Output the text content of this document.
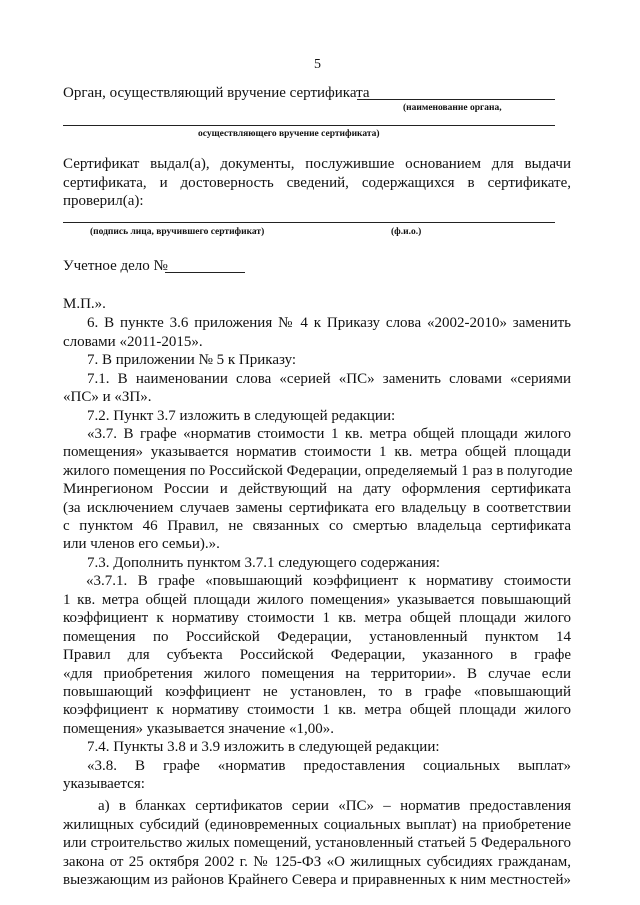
5
Орган, осуществляющий вручение сертификата
(наименование органа,
осуществляющего вручение сертификата)
Сертификат выдал(а), документы, послужившие основанием для выдачи
сертификата, и достоверность сведений, содержащихся в сертификате,
проверил(а):
(подпись лица, вручившего сертификат)	(ф.и.о.)
Учетное дело №
М.П.».
6. В пункте 3.6 приложения № 4 к Приказу слова «2002-2010» заменить
словами «2011-2015».
7. В приложении № 5 к Приказу:
7.1. В наименовании слова «серией «ПС» заменить словами «сериями
«ПС» и «ЗП».
7.2. Пункт 3.7 изложить в следующей редакции:
«3.7. В графе «норматив стоимости 1 кв. метра общей площади жилого
помещения» указывается норматив стоимости 1 кв. метра общей площади
жилого помещения по Российской Федерации, определяемый 1 раз в полугодие
Минрегионом России и действующий на дату оформления сертификата
(за исключением случаев замены сертификата его владельцу в соответствии
с пунктом 46 Правил, не связанных со смертью владельца сертификата
или членов его семьи).».
7.3. Дополнить пунктом 3.7.1 следующего содержания:
«3.7.1. В графе «повышающий коэффициент к нормативу стоимости
1 кв. метра общей площади жилого помещения» указывается повышающий
коэффициент к нормативу стоимости 1 кв. метра общей площади жилого
помещения по Российской Федерации, установленный пунктом 14
Правил для субъекта Российской Федерации, указанного в графе
«для приобретения жилого помещения на территории». В случае если
повышающий коэффициент не установлен, то в графе «повышающий
коэффициент к нормативу стоимости 1 кв. метра общей площади жилого
помещения» указывается значение «1,00».
7.4. Пункты 3.8 и 3.9 изложить в следующей редакции:
«3.8. В графе «норматив предоставления социальных выплат»
указывается:
а) в бланках сертификатов серии «ПС» – норматив предоставления
жилищных субсидий (единовременных социальных выплат) на приобретение
или строительство жилых помещений, установленный статьей 5 Федерального
закона от 25 октября 2002 г. № 125-ФЗ «О жилищных субсидиях гражданам,
выезжающим из районов Крайнего Севера и приравненных к ним местностей»
